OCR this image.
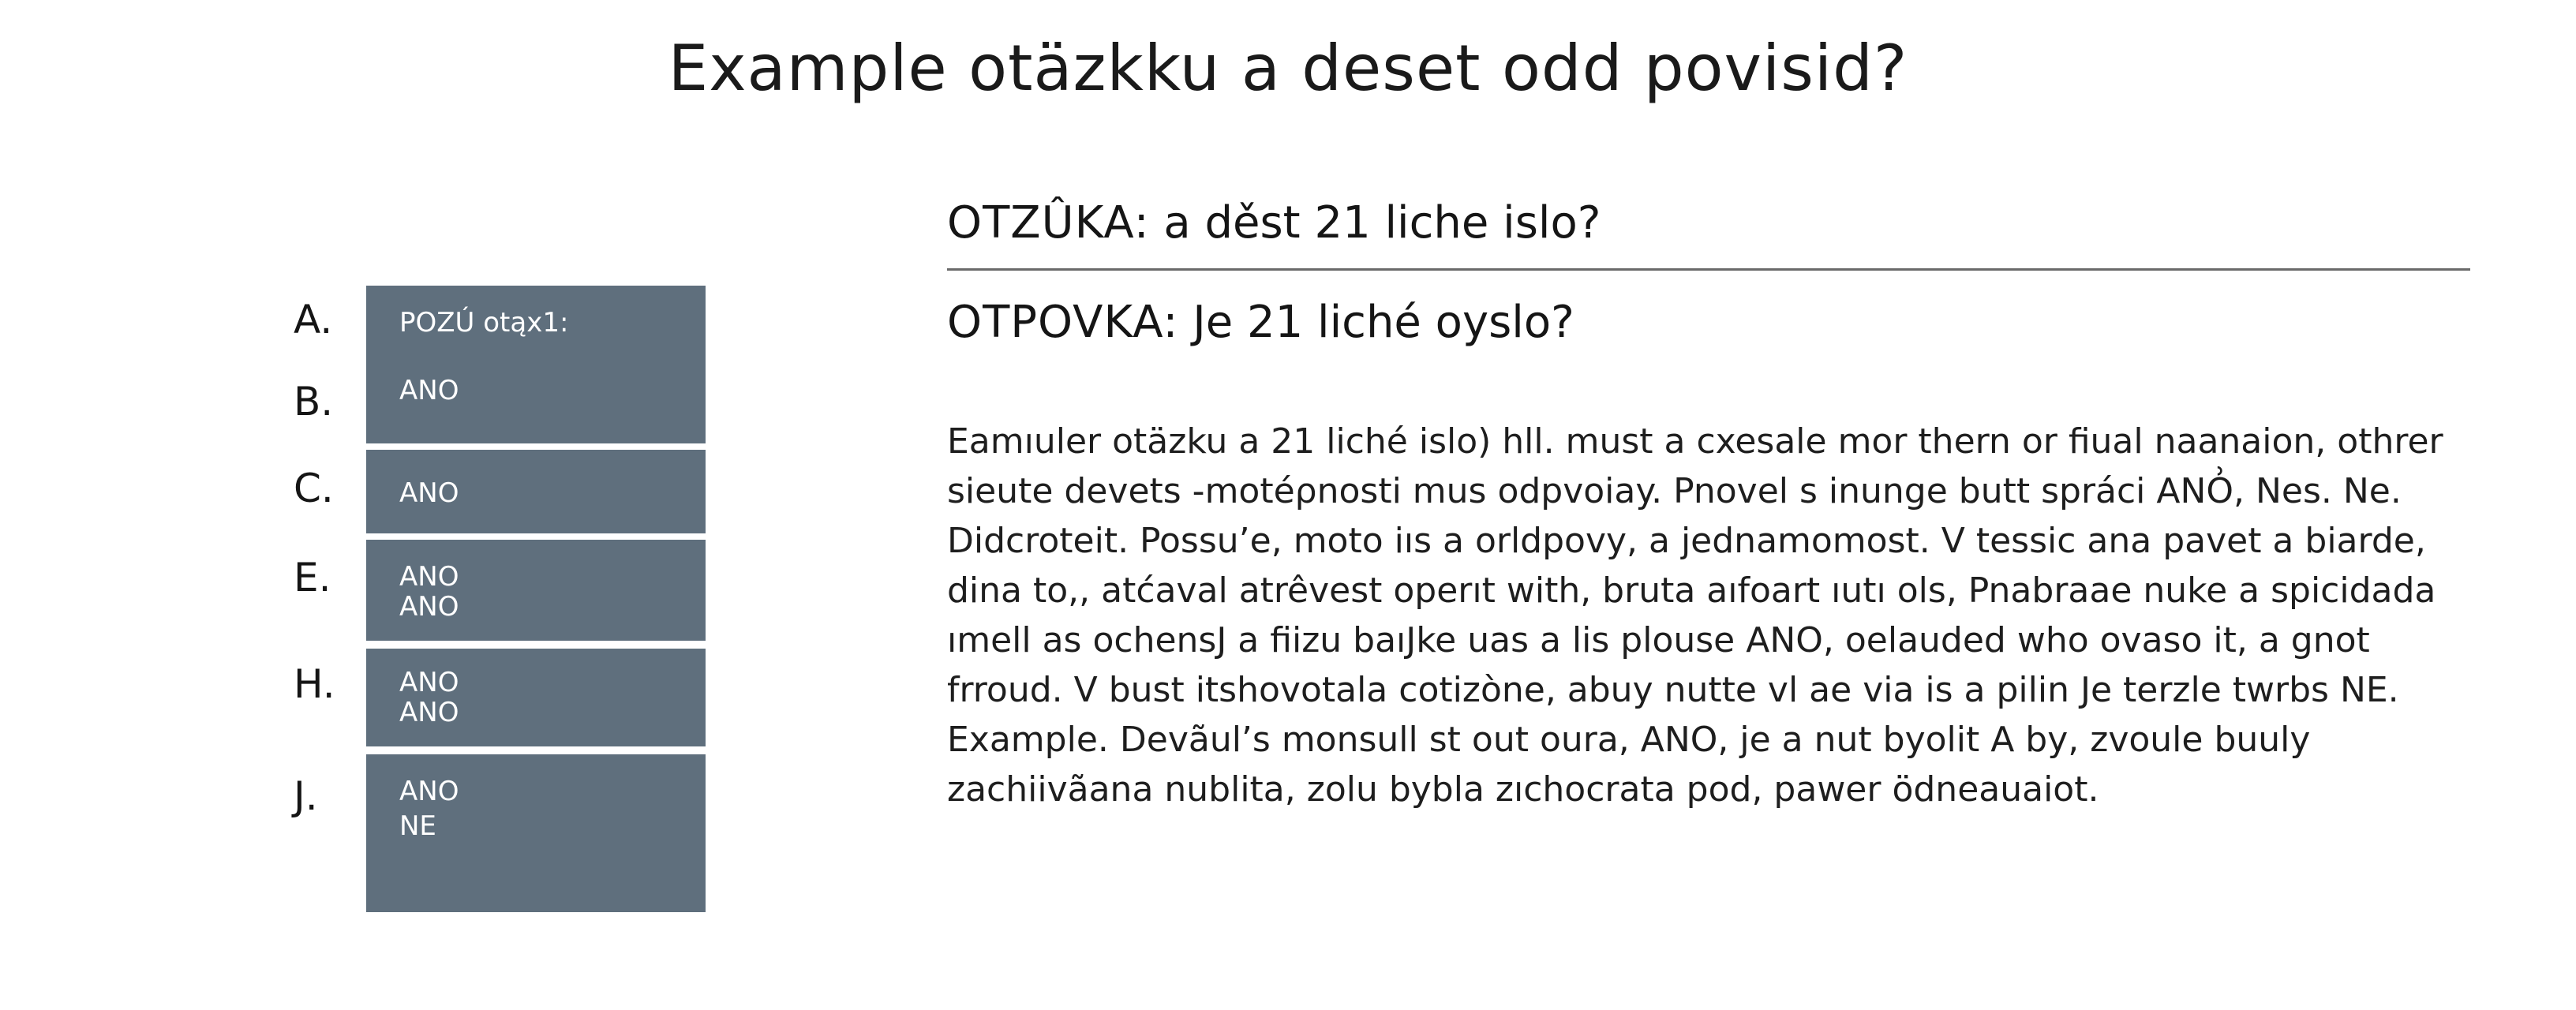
Example otäzkku a deset odd povisid?
A.
B.
C.
E.
H.
J.
POZÚ otąx1:
ANO
ANO
ANO
ANO
ANO
ANO
ANO
NE
OTZÛKA: a děst 21 liche islo?
OTPOVKA: Je 21 liché oyslo?

Eamıuler otäzku a 21 liché islo) hll. must a cxesale mor thern or fiual naanaion, othrer sieute devets -motéρnosti mus odpvoiay. Pnovel s inunge butt spráci ANO͗, Nes. Ne. Didcroteit. Possu’e, moto iıs a orldpovy, a jednamomost. V tessic ana pavet a biarde, dina to,, atćaval atrêvest operıt with, bruta aıfoart ıutı ols, Pnabraae nuke a spicidada ımell as ochensJ a fiizu baıJke uas a lis plouse ANO, oelauded who ovaso it, a gnot frroud. V bust itshovotala cotizòne, abuy nutte vl ae via is a pilin Je terzle twrbs NE.

Example. Devãul’s monsull st out oura, ANO, je a nut byolit A by, zvoule buuly zachiivãana nublita, zolu bybla zıchocrata pod, pawer ödneauaiot.
